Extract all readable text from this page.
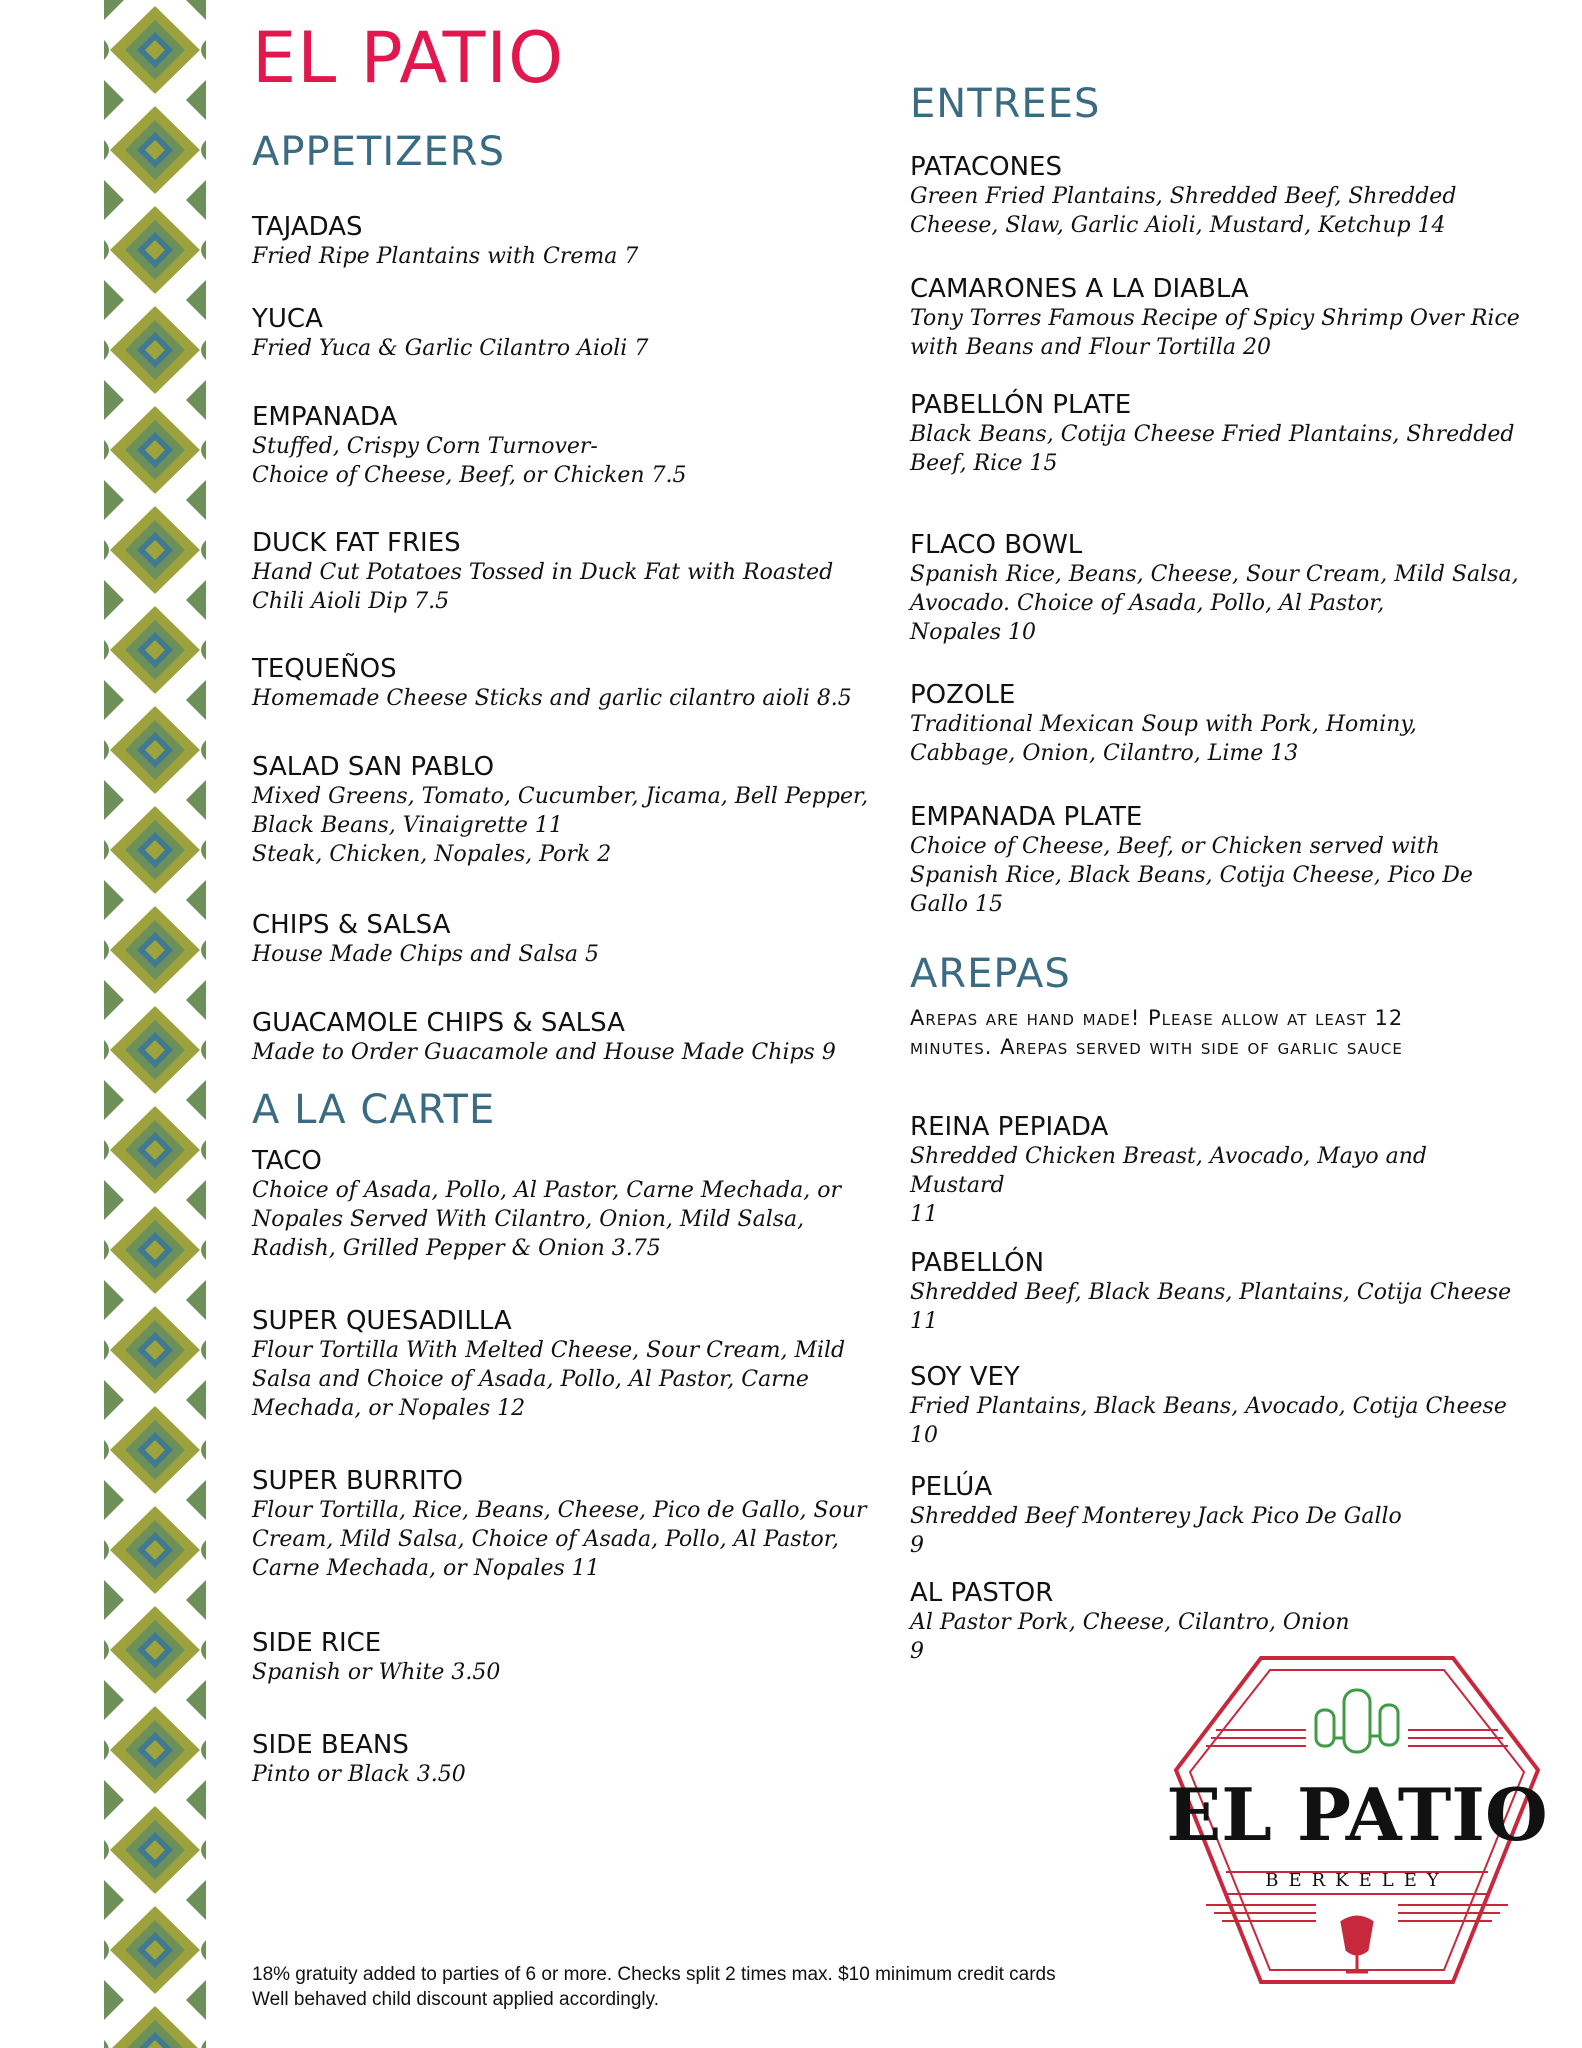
EL PATIO
APPETIZERS
TAJADAS
Fried Ripe Plantains with Crema 7
YUCA
Fried Yuca & Garlic Cilantro Aioli 7
EMPANADA
Stuffed, Crispy Corn Turnover-
Choice of Cheese, Beef, or Chicken 7.5
DUCK FAT FRIES
Hand Cut Potatoes Tossed in Duck Fat with Roasted
Chili Aioli Dip 7.5
TEQUEÑOS
Homemade Cheese Sticks and garlic cilantro aioli 8.5
SALAD SAN PABLO
Mixed Greens, Tomato, Cucumber, Jicama, Bell Pepper,
Black Beans, Vinaigrette 11
Steak, Chicken, Nopales, Pork 2
CHIPS & SALSA
House Made Chips and Salsa 5
GUACAMOLE CHIPS & SALSA
Made to Order Guacamole and House Made Chips 9
A LA CARTE
TACO
Choice of Asada, Pollo, Al Pastor, Carne Mechada, or
Nopales Served With Cilantro, Onion, Mild Salsa,
Radish, Grilled Pepper & Onion 3.75
SUPER QUESADILLA
Flour Tortilla With Melted Cheese, Sour Cream, Mild
Salsa and Choice of Asada, Pollo, Al Pastor, Carne
Mechada, or Nopales 12
SUPER BURRITO
Flour Tortilla, Rice, Beans, Cheese, Pico de Gallo, Sour
Cream, Mild Salsa, Choice of Asada, Pollo, Al Pastor,
Carne Mechada, or Nopales 11
SIDE RICE
Spanish or White 3.50
SIDE BEANS
Pinto or Black 3.50
ENTREES
PATACONES
Green Fried Plantains, Shredded Beef, Shredded
Cheese, Slaw, Garlic Aioli, Mustard, Ketchup 14
CAMARONES A LA DIABLA
Tony Torres Famous Recipe of Spicy Shrimp Over Rice
with Beans and Flour Tortilla 20
PABELLÓN PLATE
Black Beans, Cotija Cheese Fried Plantains, Shredded
Beef, Rice 15
FLACO BOWL
Spanish Rice, Beans, Cheese, Sour Cream, Mild Salsa,
Avocado. Choice of Asada, Pollo, Al Pastor,
Nopales 10
POZOLE
Traditional Mexican Soup with Pork, Hominy,
Cabbage, Onion, Cilantro, Lime 13
EMPANADA PLATE
Choice of Cheese, Beef, or Chicken served with
Spanish Rice, Black Beans, Cotija Cheese, Pico De
Gallo 15
AREPAS
Arepas are hand made! Please allow at least 12 minutes. Arepas served with side of garlic sauce
REINA PEPIADA
Shredded Chicken Breast, Avocado, Mayo and
Mustard
11
PABELLÓN
Shredded Beef, Black Beans, Plantains, Cotija Cheese
11
SOY VEY
Fried Plantains, Black Beans, Avocado, Cotija Cheese
10
PELÚA
Shredded Beef Monterey Jack Pico De Gallo
9
AL PASTOR
Al Pastor Pork, Cheese, Cilantro, Onion
9
EL PATIO
BERKELEY
18% gratuity added to parties of 6 or more. Checks split 2 times max. $10 minimum credit cards
Well behaved child discount applied accordingly.
